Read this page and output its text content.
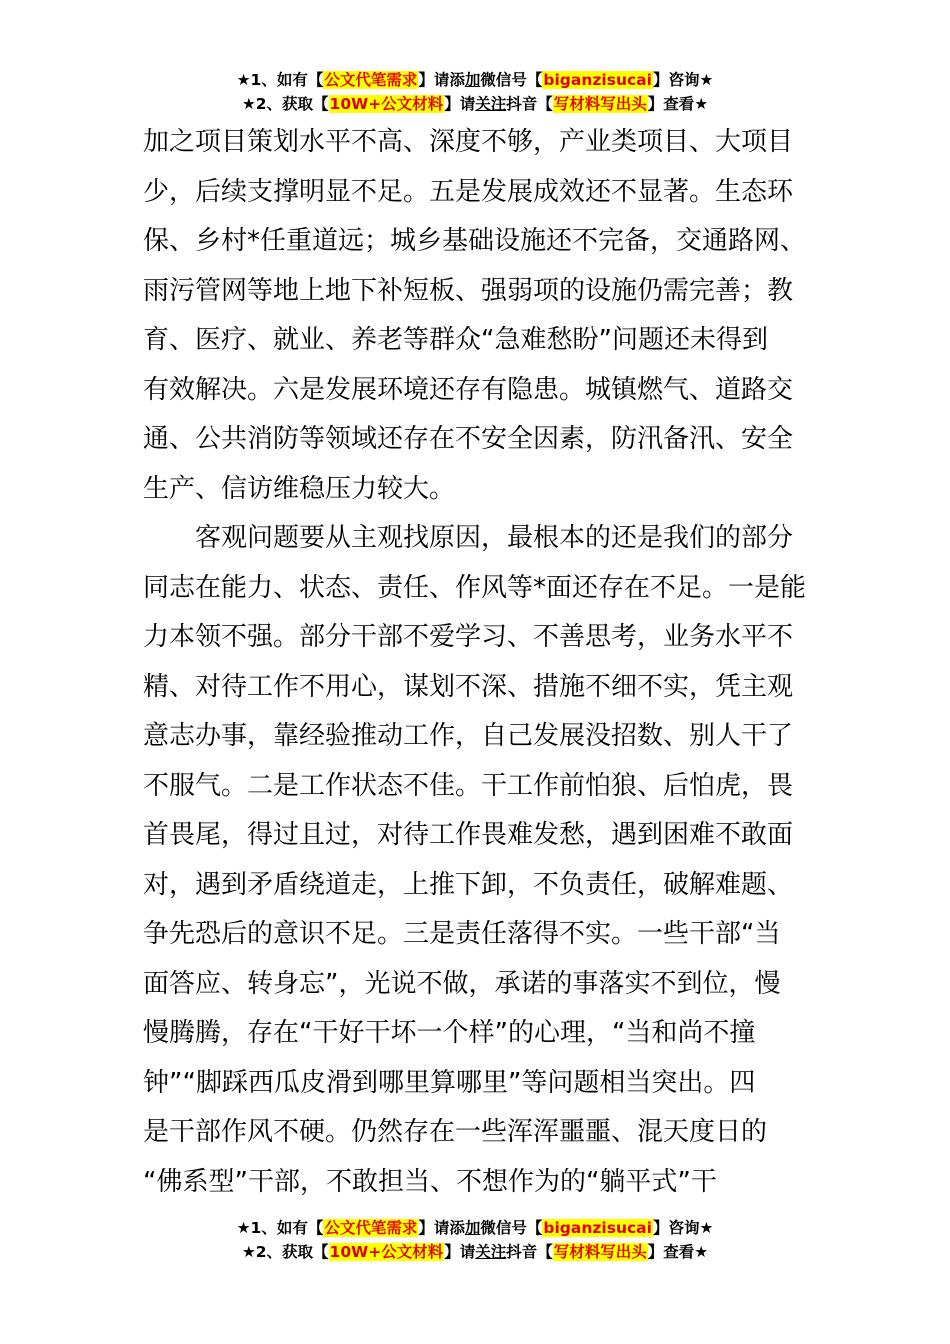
★1、如有【公文代笔需求】请添加微信号【biganzisucai】咨询★
★2、获取【10W+公文材料】请关注抖音【写材料写出头】查看★
加之项目策划水平不高、深度不够，产业类项目、大项目
少，后续支撑明显不足。五是发展成效还不显著。生态环
保、乡村*任重道远；城乡基础设施还不完备，交通路网、
雨污管网等地上地下补短板、强弱项的设施仍需完善；教
育、医疗、就业、养老等群众“急难愁盼”问题还未得到
有效解决。六是发展环境还存有隐患。城镇燃气、道路交
通、公共消防等领域还存在不安全因素，防汛备汛、安全
生产、信访维稳压力较大。
客观问题要从主观找原因，最根本的还是我们的部分
同志在能力、状态、责任、作风等*面还存在不足。一是能
力本领不强。部分干部不爱学习、不善思考，业务水平不
精、对待工作不用心，谋划不深、措施不细不实，凭主观
意志办事，靠经验推动工作，自己发展没招数、别人干了
不服气。二是工作状态不佳。干工作前怕狼、后怕虎，畏
首畏尾，得过且过，对待工作畏难发愁，遇到困难不敢面
对，遇到矛盾绕道走，上推下卸，不负责任，破解难题、
争先恐后的意识不足。三是责任落得不实。一些干部“当
面答应、转身忘”，光说不做，承诺的事落实不到位，慢
慢腾腾，存在“干好干坏一个样”的心理，“当和尚不撞
钟”“脚踩西瓜皮滑到哪里算哪里”等问题相当突出。四
是干部作风不硬。仍然存在一些浑浑噩噩、混天度日的
“佛系型”干部，不敢担当、不想作为的“躺平式”干
★1、如有【公文代笔需求】请添加微信号【biganzisucai】咨询★
★2、获取【10W+公文材料】请关注抖音【写材料写出头】查看★
